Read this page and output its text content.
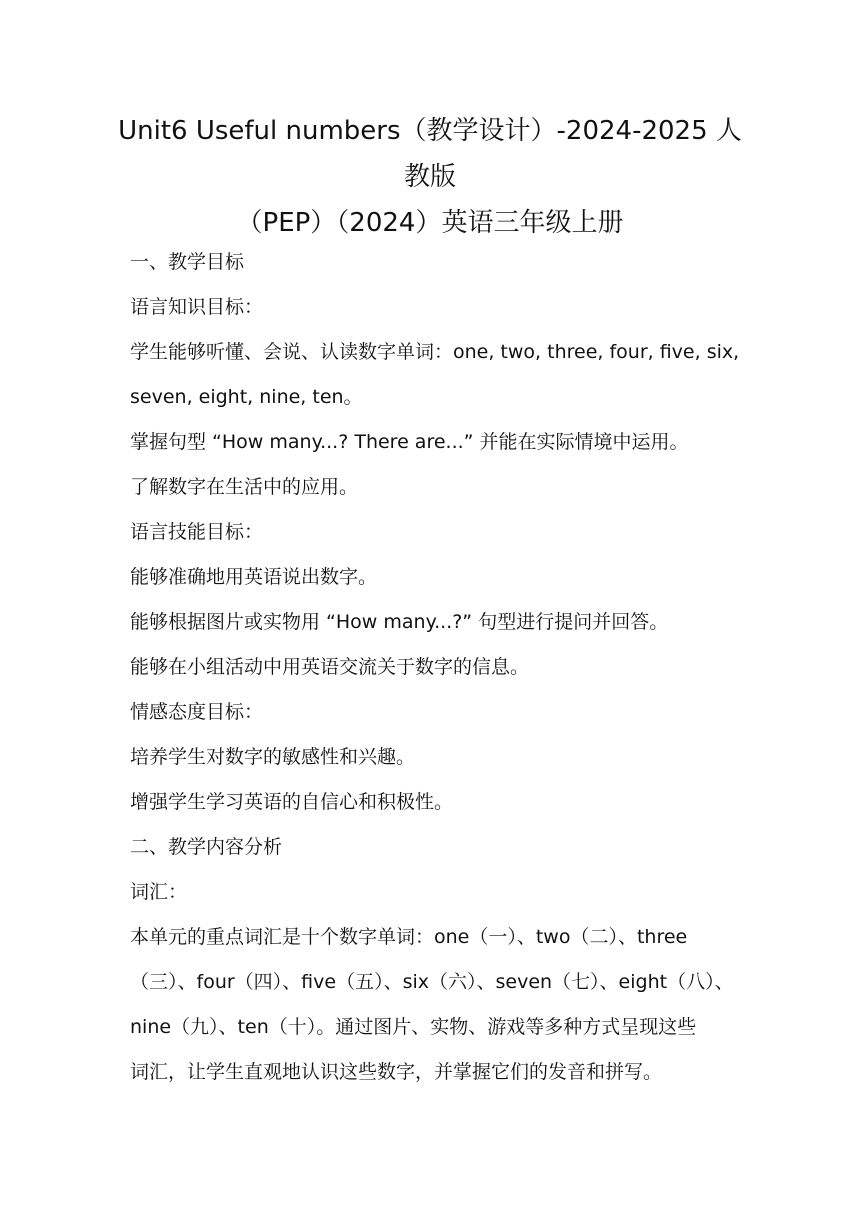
Unit6 Useful numbers（教学设计）-2024-2025 人教版
（PEP）（2024）英语三年级上册
一、教学目标
语言知识目标：
学生能够听懂、会说、认读数字单词：one, two, three, four, five, six,
seven, eight, nine, ten。
掌握句型 “How many...? There are...” 并能在实际情境中运用。
了解数字在生活中的应用。
语言技能目标：
能够准确地用英语说出数字。
能够根据图片或实物用 “How many...?” 句型进行提问并回答。
能够在小组活动中用英语交流关于数字的信息。
情感态度目标：
培养学生对数字的敏感性和兴趣。
增强学生学习英语的自信心和积极性。
二、教学内容分析
词汇：
本单元的重点词汇是十个数字单词：one（一）、two（二）、three
（三）、four（四）、five（五）、six（六）、seven（七）、eight（八）、
nine（九）、ten（十）。通过图片、实物、游戏等多种方式呈现这些
词汇，让学生直观地认识这些数字，并掌握它们的发音和拼写。
